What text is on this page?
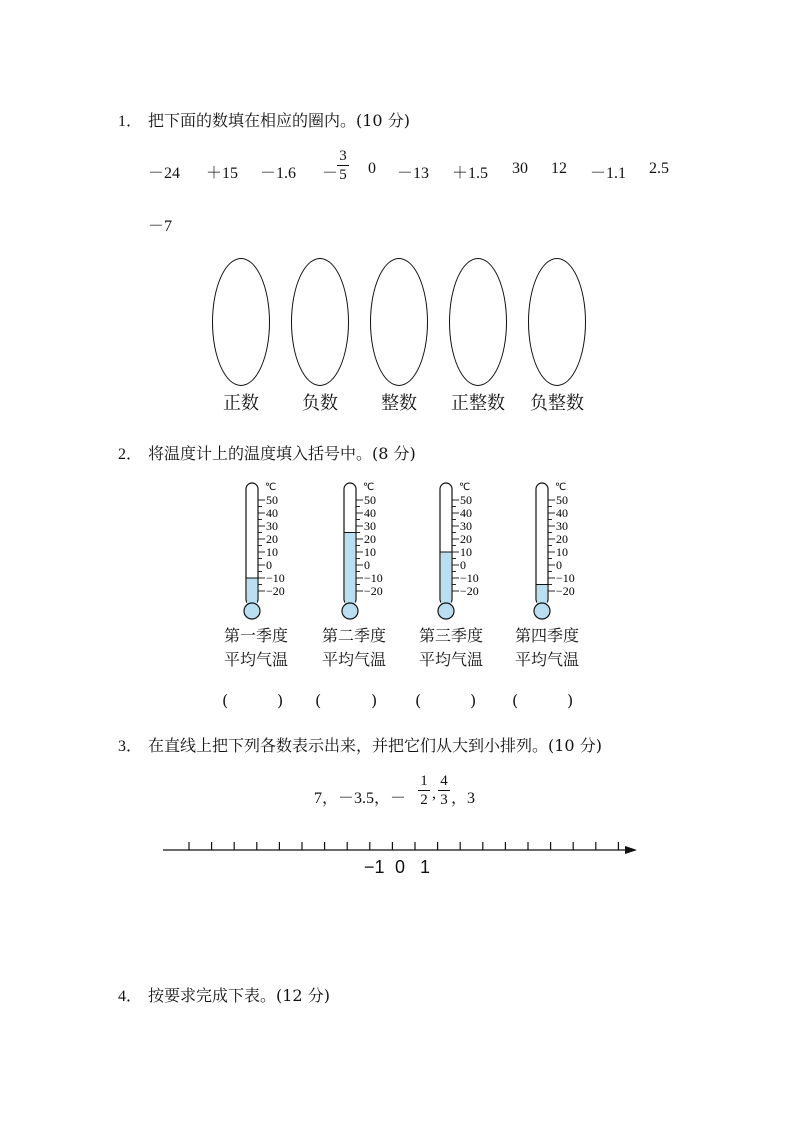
1． 把下面的数填在相应的圈内。(10 分)
－24 ＋15 －1.6 －
3
5 0 －13 ＋1.5 30 12 －1.1 2.5
－7
正数	负数	整数	正整数	负整数
2． 将温度计上的温度填入括号中。(8 分)
℃
50
40
30
20
10
0
−10
−20
℃
50
40
30
20
10
0
−10
−20
℃
50
40
30
20
10
0
−10
−20
℃
50
40
30
20
10
0
−10
−20
第一季度
平均气温
第二季度
平均气温
第三季度
平均气温
第四季度
平均气温
(	) (	) (	) (	)
3． 在直线上把下列各数表示出来，并把它们从大到小排列。(10 分)
7，－3.5，－
1
2 ,
4
3 ，3
−1 0 1
4． 按要求完成下表。(12 分)
